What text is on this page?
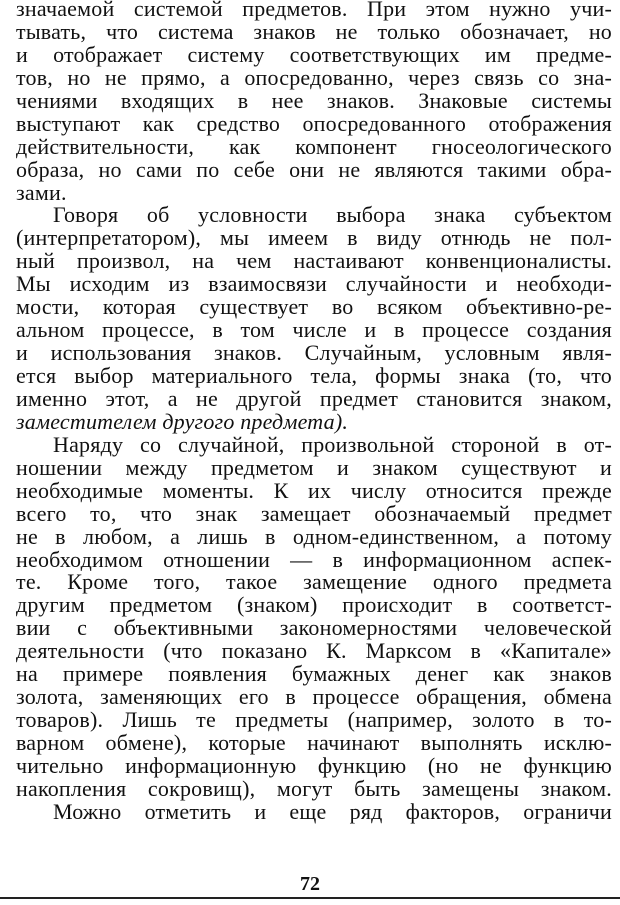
значаемой системой предметов. При этом нужно учи-
тывать, что система знаков не только обозначает, но
и отображает систему соответствующих им предме-
тов, но не прямо, а опосредованно, через связь со зна-
чениями входящих в нее знаков. Знаковые системы
выступают как средство опосредованного отображения
действительности, как компонент гносеологического
образа, но сами по себе они не являются такими обра-
зами.
Говоря об условности выбора знака субъектом
(интерпретатором), мы имеем в виду отнюдь не пол-
ный произвол, на чем настаивают конвенционалисты.
Мы исходим из взаимосвязи случайности и необходи-
мости, которая существует во всяком объективно-ре-
альном процессе, в том числе и в процессе создания
и использования знаков. Случайным, условным явля-
ется выбор материального тела, формы знака (то, что
именно этот, а не другой предмет становится знаком,
заместителем другого предмета).
Наряду со случайной, произвольной стороной в от-
ношении между предметом и знаком существуют и
необходимые моменты. К их числу относится прежде
всего то, что знак замещает обозначаемый предмет
не в любом, а лишь в одном-единственном, а потому
необходимом отношении — в информационном аспек-
те. Кроме того, такое замещение одного предмета
другим предметом (знаком) происходит в соответст-
вии с объективными закономерностями человеческой
деятельности (что показано К. Марксом в «Капитале»
на примере появления бумажных денег как знаков
золота, заменяющих его в процессе обращения, обмена
товаров). Лишь те предметы (например, золото в то-
варном обмене), которые начинают выполнять исклю-
чительно информационную функцию (но не функцию
накопления сокровищ), могут быть замещены знаком.
Можно отметить и еще ряд факторов, ограничи
72
